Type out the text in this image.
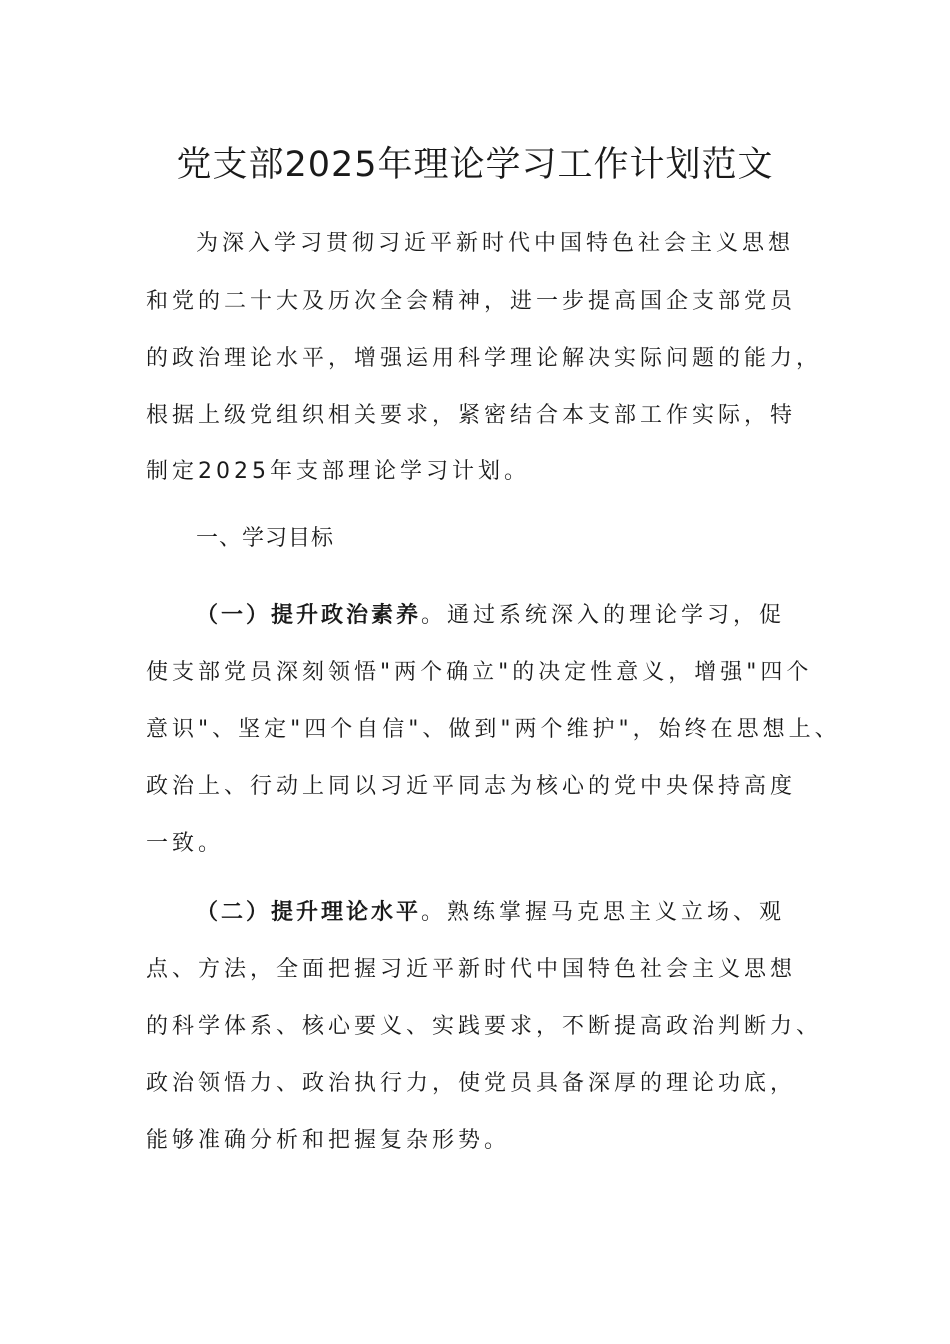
党支部2025年理论学习工作计划范文
为深入学习贯彻习近平新时代中国特色社会主义思想
和党的二十大及历次全会精神，进一步提高国企支部党员
的政治理论水平，增强运用科学理论解决实际问题的能力，
根据上级党组织相关要求，紧密结合本支部工作实际，特
制定2025年支部理论学习计划。
一、学习目标
（一）提升政治素养。通过系统深入的理论学习，促
使支部党员深刻领悟"两个确立"的决定性意义，增强"四个
意识"、坚定"四个自信"、做到"两个维护"，始终在思想上、
政治上、行动上同以习近平同志为核心的党中央保持高度
一致。
（二）提升理论水平。熟练掌握马克思主义立场、观
点、方法，全面把握习近平新时代中国特色社会主义思想
的科学体系、核心要义、实践要求，不断提高政治判断力、
政治领悟力、政治执行力，使党员具备深厚的理论功底，
能够准确分析和把握复杂形势。
